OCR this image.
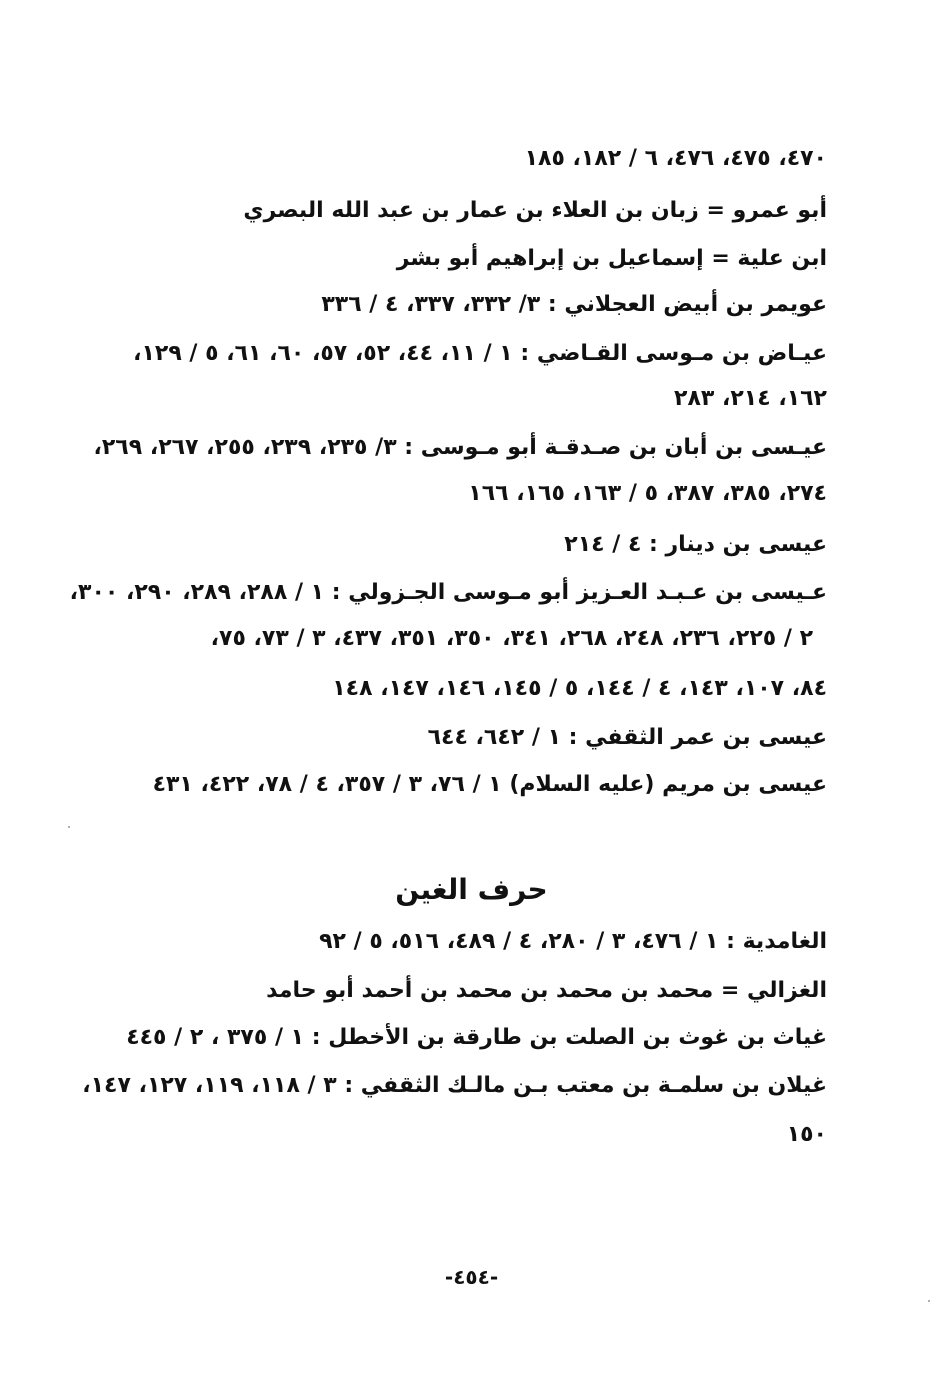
٤٧٠، ٤٧٥، ٤٧٦، ٦ / ١٨٢، ١٨٥
أبو عمرو = زبان بن العلاء بن عمار بن عبد الله البصري
ابن علية = إسماعيل بن إبراهيم أبو بشر
عويمر بن أبيض العجلاني : ٣/ ٣٣٢، ٣٣٧، ٤ / ٣٣٦
عيـاض بن مـوسى القـاضي : ١ / ١١، ٤٤، ٥٢، ٥٧، ٦٠، ٦١، ٥ / ١٢٩،
١٦٢، ٢١٤، ٢٨٣
عيـسى بن أبان بن صـدقـة أبو مـوسى : ٣/ ٢٣٥، ٢٣٩، ٢٥٥، ٢٦٧، ٢٦٩،
٢٧٤، ٣٨٥، ٣٨٧، ٥ / ١٦٣، ١٦٥، ١٦٦
عيسى بن دينار : ٤ / ٢١٤
عـيسى بن عـبـد العـزيز أبو مـوسى الجـزولي : ١ / ٢٨٨، ٢٨٩، ٢٩٠، ٣٠٠،
٢ / ٢٢٥، ٢٣٦، ٢٤٨، ٢٦٨، ٣٤١، ٣٥٠، ٣٥١، ٤٣٧، ٣ / ٧٣، ٧٥،
٨٤، ١٠٧، ١٤٣، ٤ / ١٤٤، ٥ / ١٤٥، ١٤٦، ١٤٧، ١٤٨
عيسى بن عمر الثقفي : ١ / ٦٤٢، ٦٤٤
عيسى بن مريم (عليه السلام) ١ / ٧٦، ٣ / ٣٥٧، ٤ / ٧٨، ٤٢٢، ٤٣١
حرف الغين
الغامدية : ١ / ٤٧٦، ٣ / ٢٨٠، ٤ / ٤٨٩، ٥١٦، ٥ / ٩٢
الغزالي = محمد بن محمد بن محمد بن أحمد أبو حامد
غياث بن غوث بن الصلت بن طارقة بن الأخطل : ١ / ٣٧٥ ، ٢ / ٤٤٥
غيلان بن سلمـة بن معتب بـن مالـك الثقفي : ٣ / ١١٨، ١١٩، ١٢٧، ١٤٧،
١٥٠
-٤٥٤-
